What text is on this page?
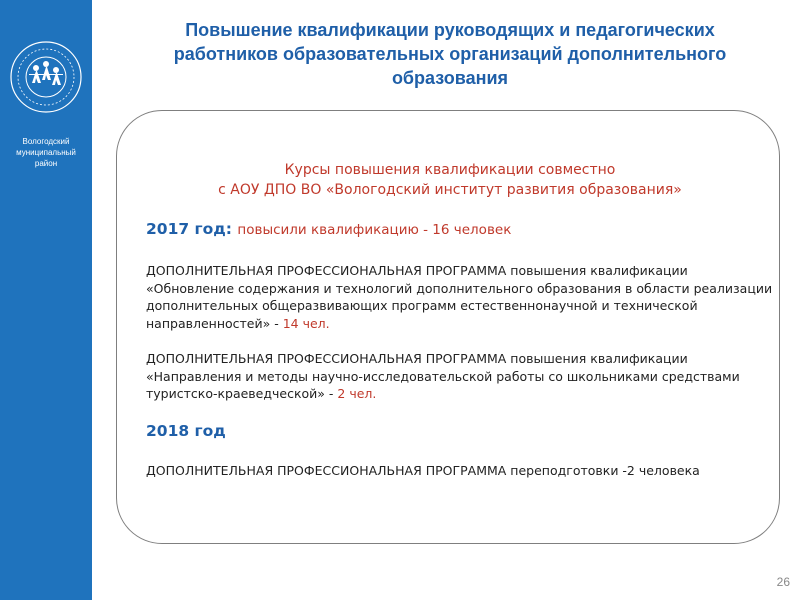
Вологодский муниципальный район
Повышение квалификации руководящих и педагогических работников образовательных организаций дополнительного образования
Курсы повышения квалификации совместно
с АОУ ДПО ВО «Вологодский институт развития образования»
2017 год: повысили квалификацию - 16 человек
ДОПОЛНИТЕЛЬНАЯ ПРОФЕССИОНАЛЬНАЯ ПРОГРАММА повышения квалификации «Обновление содержания и технологий дополнительного образования в области реализации дополнительных общеразвивающих программ естественнонаучной и технической направленностей» - 14 чел.
ДОПОЛНИТЕЛЬНАЯ ПРОФЕССИОНАЛЬНАЯ ПРОГРАММА повышения квалификации «Направления и методы научно-исследовательской работы со школьниками средствами туристско-краеведческой» - 2 чел.
2018 год
ДОПОЛНИТЕЛЬНАЯ ПРОФЕССИОНАЛЬНАЯ ПРОГРАММА переподготовки -2 человека
26
